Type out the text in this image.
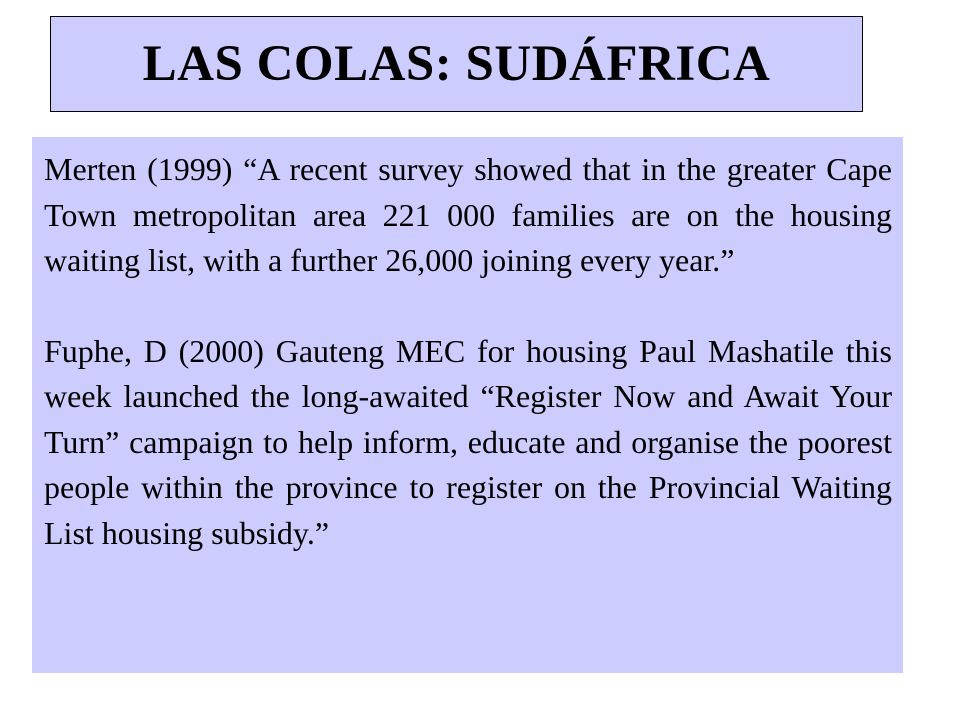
LAS COLAS: SUDÁFRICA

Merten (1999) “A recent survey showed that in the greater Cape Town metropolitan area 221 000 families are on the housing waiting list, with a further 26,000 joining every year.”

Fuphe, D (2000) Gauteng MEC for housing Paul Mashatile this week launched the long-awaited “Register Now and Await Your Turn” campaign to help inform, educate and organise the poorest people within the province to register on the Provincial Waiting List housing subsidy.”
